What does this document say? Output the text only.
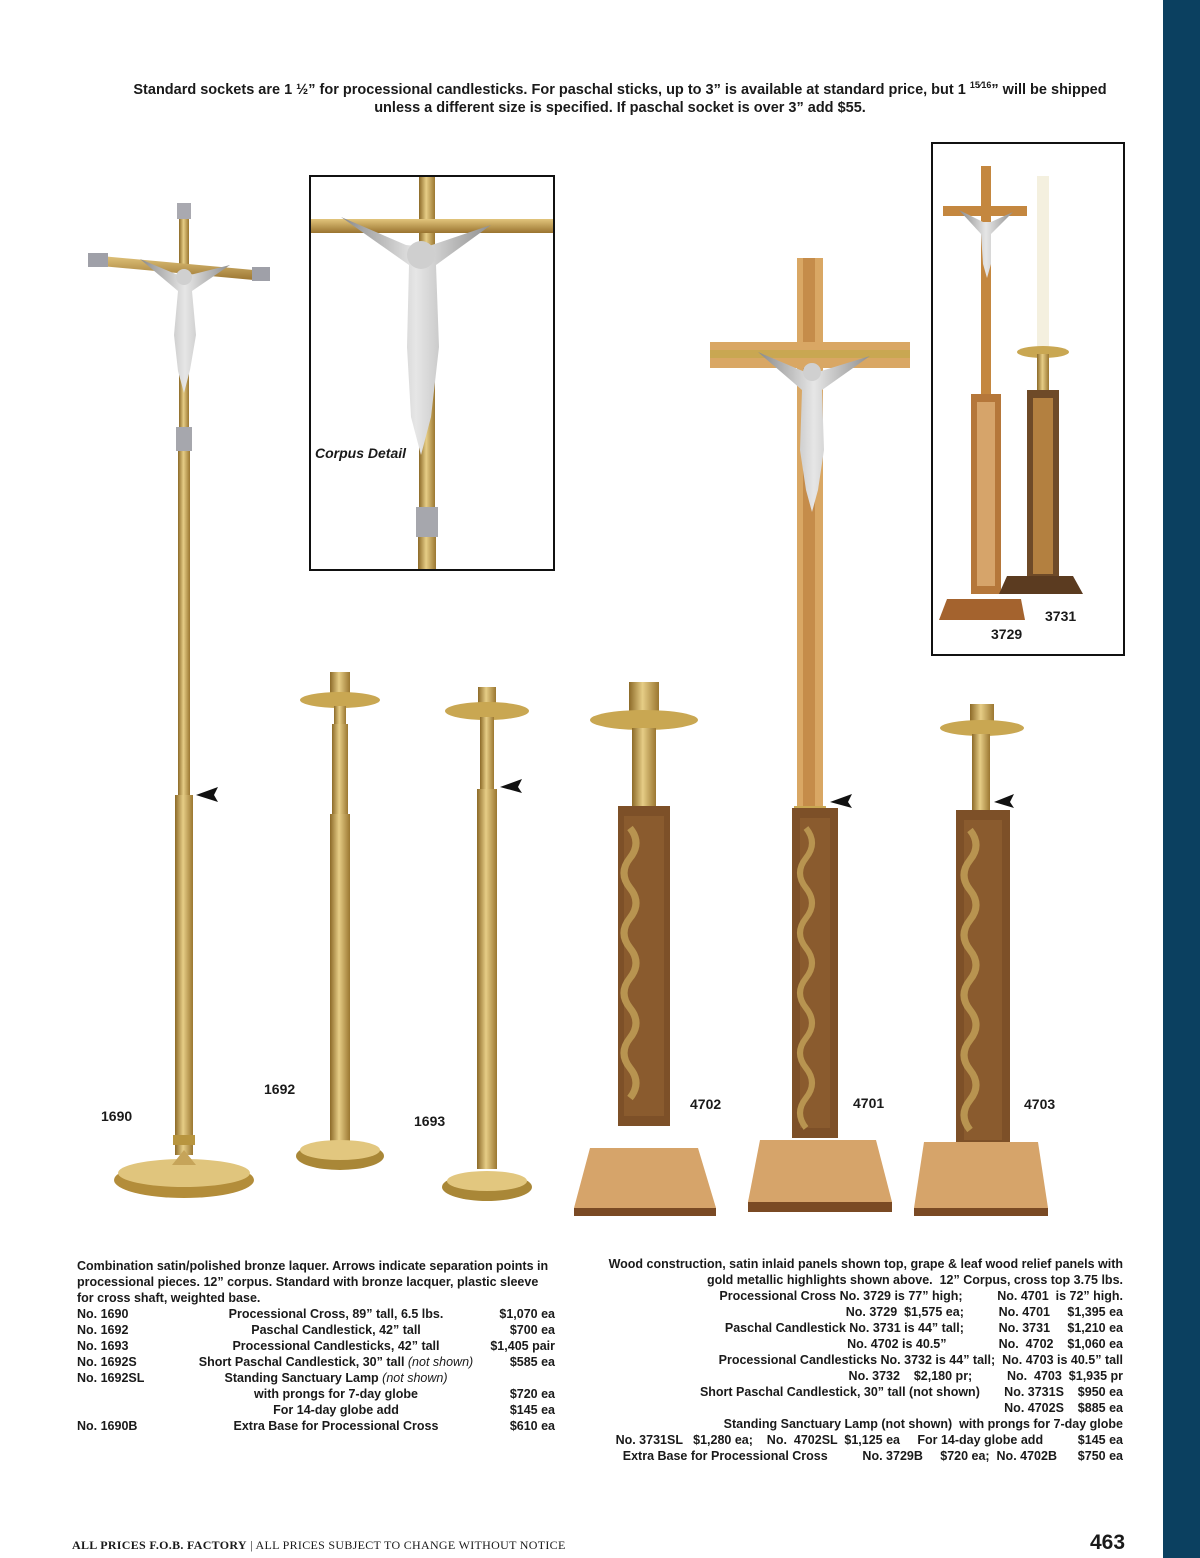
Standard sockets are 1 ½” for processional candlesticks. For paschal sticks, up to 3” is available at standard price, but 1 $^{15⁄16}$” will be shipped
unless a different size is specified. If paschal socket is over 3” add $55.
1690
Corpus Detail
1692
1693
4702	4701	4703
3731
3729
Combination satin/polished bronze laquer. Arrows indicate separation points in processional pieces. 12” corpus. Standard with bronze lacquer, plastic sleeve for cross shaft, weighted base.
No. 1690	Processional Cross, 89” tall, 6.5 lbs.	$1,070 ea
No. 1692	Paschal Candlestick, 42” tall	$700 ea
No. 1693	Processional Candlesticks, 42” tall	$1,405 pair
No. 1692S	Short Paschal Candlestick, 30” tall (not shown)	$585 ea
No. 1692SL	Standing Sanctuary Lamp (not shown)
with prongs for 7-day globe	$720 ea
For 14-day globe add	$145 ea
No. 1690B	Extra Base for Processional Cross	$610 ea
Wood construction, satin inlaid panels shown top, grape & leaf wood relief panels with
gold metallic highlights shown above.  12” Corpus, cross top 3.75 lbs.
Processional Cross No. 3729 is 77” high;          No. 4701  is 72” high.
No. 3729  $1,575 ea;          No. 4701     $1,395 ea
Paschal Candlestick No. 3731 is 44” tall;          No. 3731     $1,210 ea
No. 4702 is 40.5”               No.  4702    $1,060 ea
Processional Candlesticks No. 3732 is 44” tall;  No. 4703 is 40.5” tall
No. 3732    $2,180 pr;          No.  4703  $1,935 pr
Short Paschal Candlestick, 30” tall (not shown)       No. 3731S    $950 ea
No. 4702S    $885 ea
Standing Sanctuary Lamp (not shown)  with prongs for 7-day globe
No. 3731SL   $1,280 ea;    No.  4702SL  $1,125 ea     For 14-day globe add          $145 ea
Extra Base for Processional Cross          No. 3729B     $720 ea;  No. 4702B      $750 ea
ALL PRICES F.O.B. FACTORY | ALL PRICES SUBJECT TO CHANGE WITHOUT NOTICE	463
